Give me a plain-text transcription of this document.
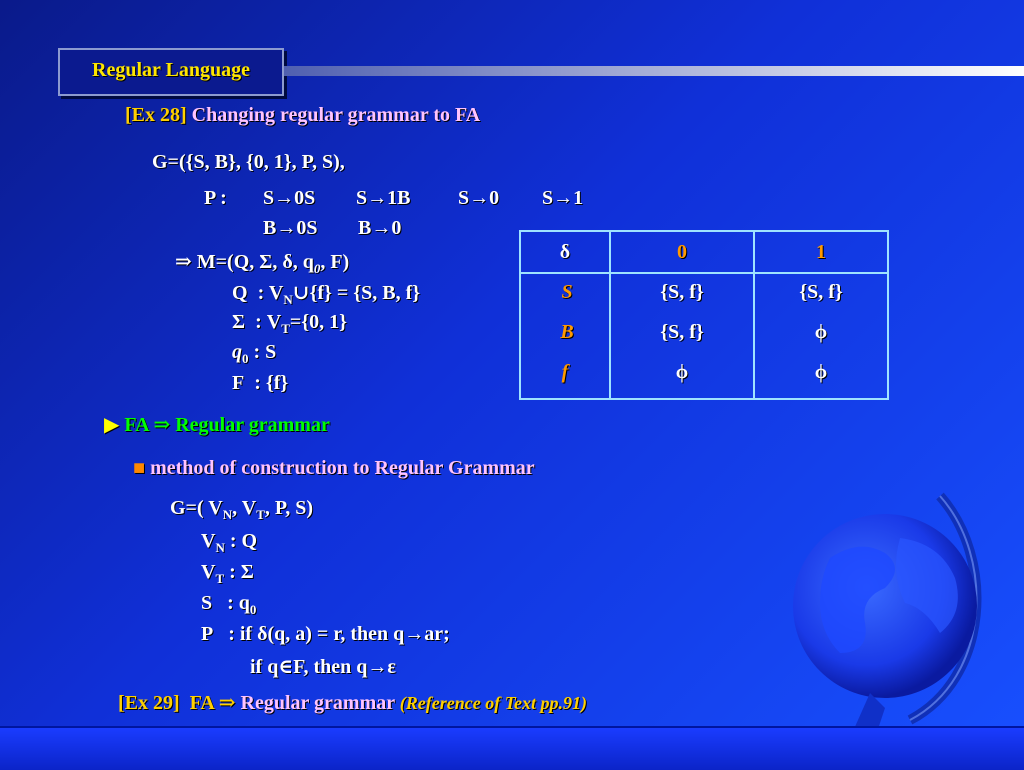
Regular Language
[Ex 28] Changing regular grammar to FA
G=({S, B}, {0, 1}, P, S),
P : S→0S S→1B S→0 S→1
B→0S B→0
⇒ M=(Q, Σ, δ, $q_0$, F)
Q : $V_N\cup\{f\} = \{S$, B, f}
Σ : $V_T=\{0$, 1}
$q_0$ : S
F : {f}
δ	0	1
S	{S, f}	{S, f}
B	{S, f}	ϕ
f	ϕ	ϕ
▶ FA ⇒ Regular grammar
■ method of construction to Regular Grammar
G=( $V_N$, $V_T$, P, S)
$V_N$ : Q
$V_T$ : Σ
S : $q_0$
P : if δ(q, a) = r, then q→ar;
if q∈F, then q→ε
[Ex 29] FA ⇒ Regular grammar (Reference of Text pp.91)
